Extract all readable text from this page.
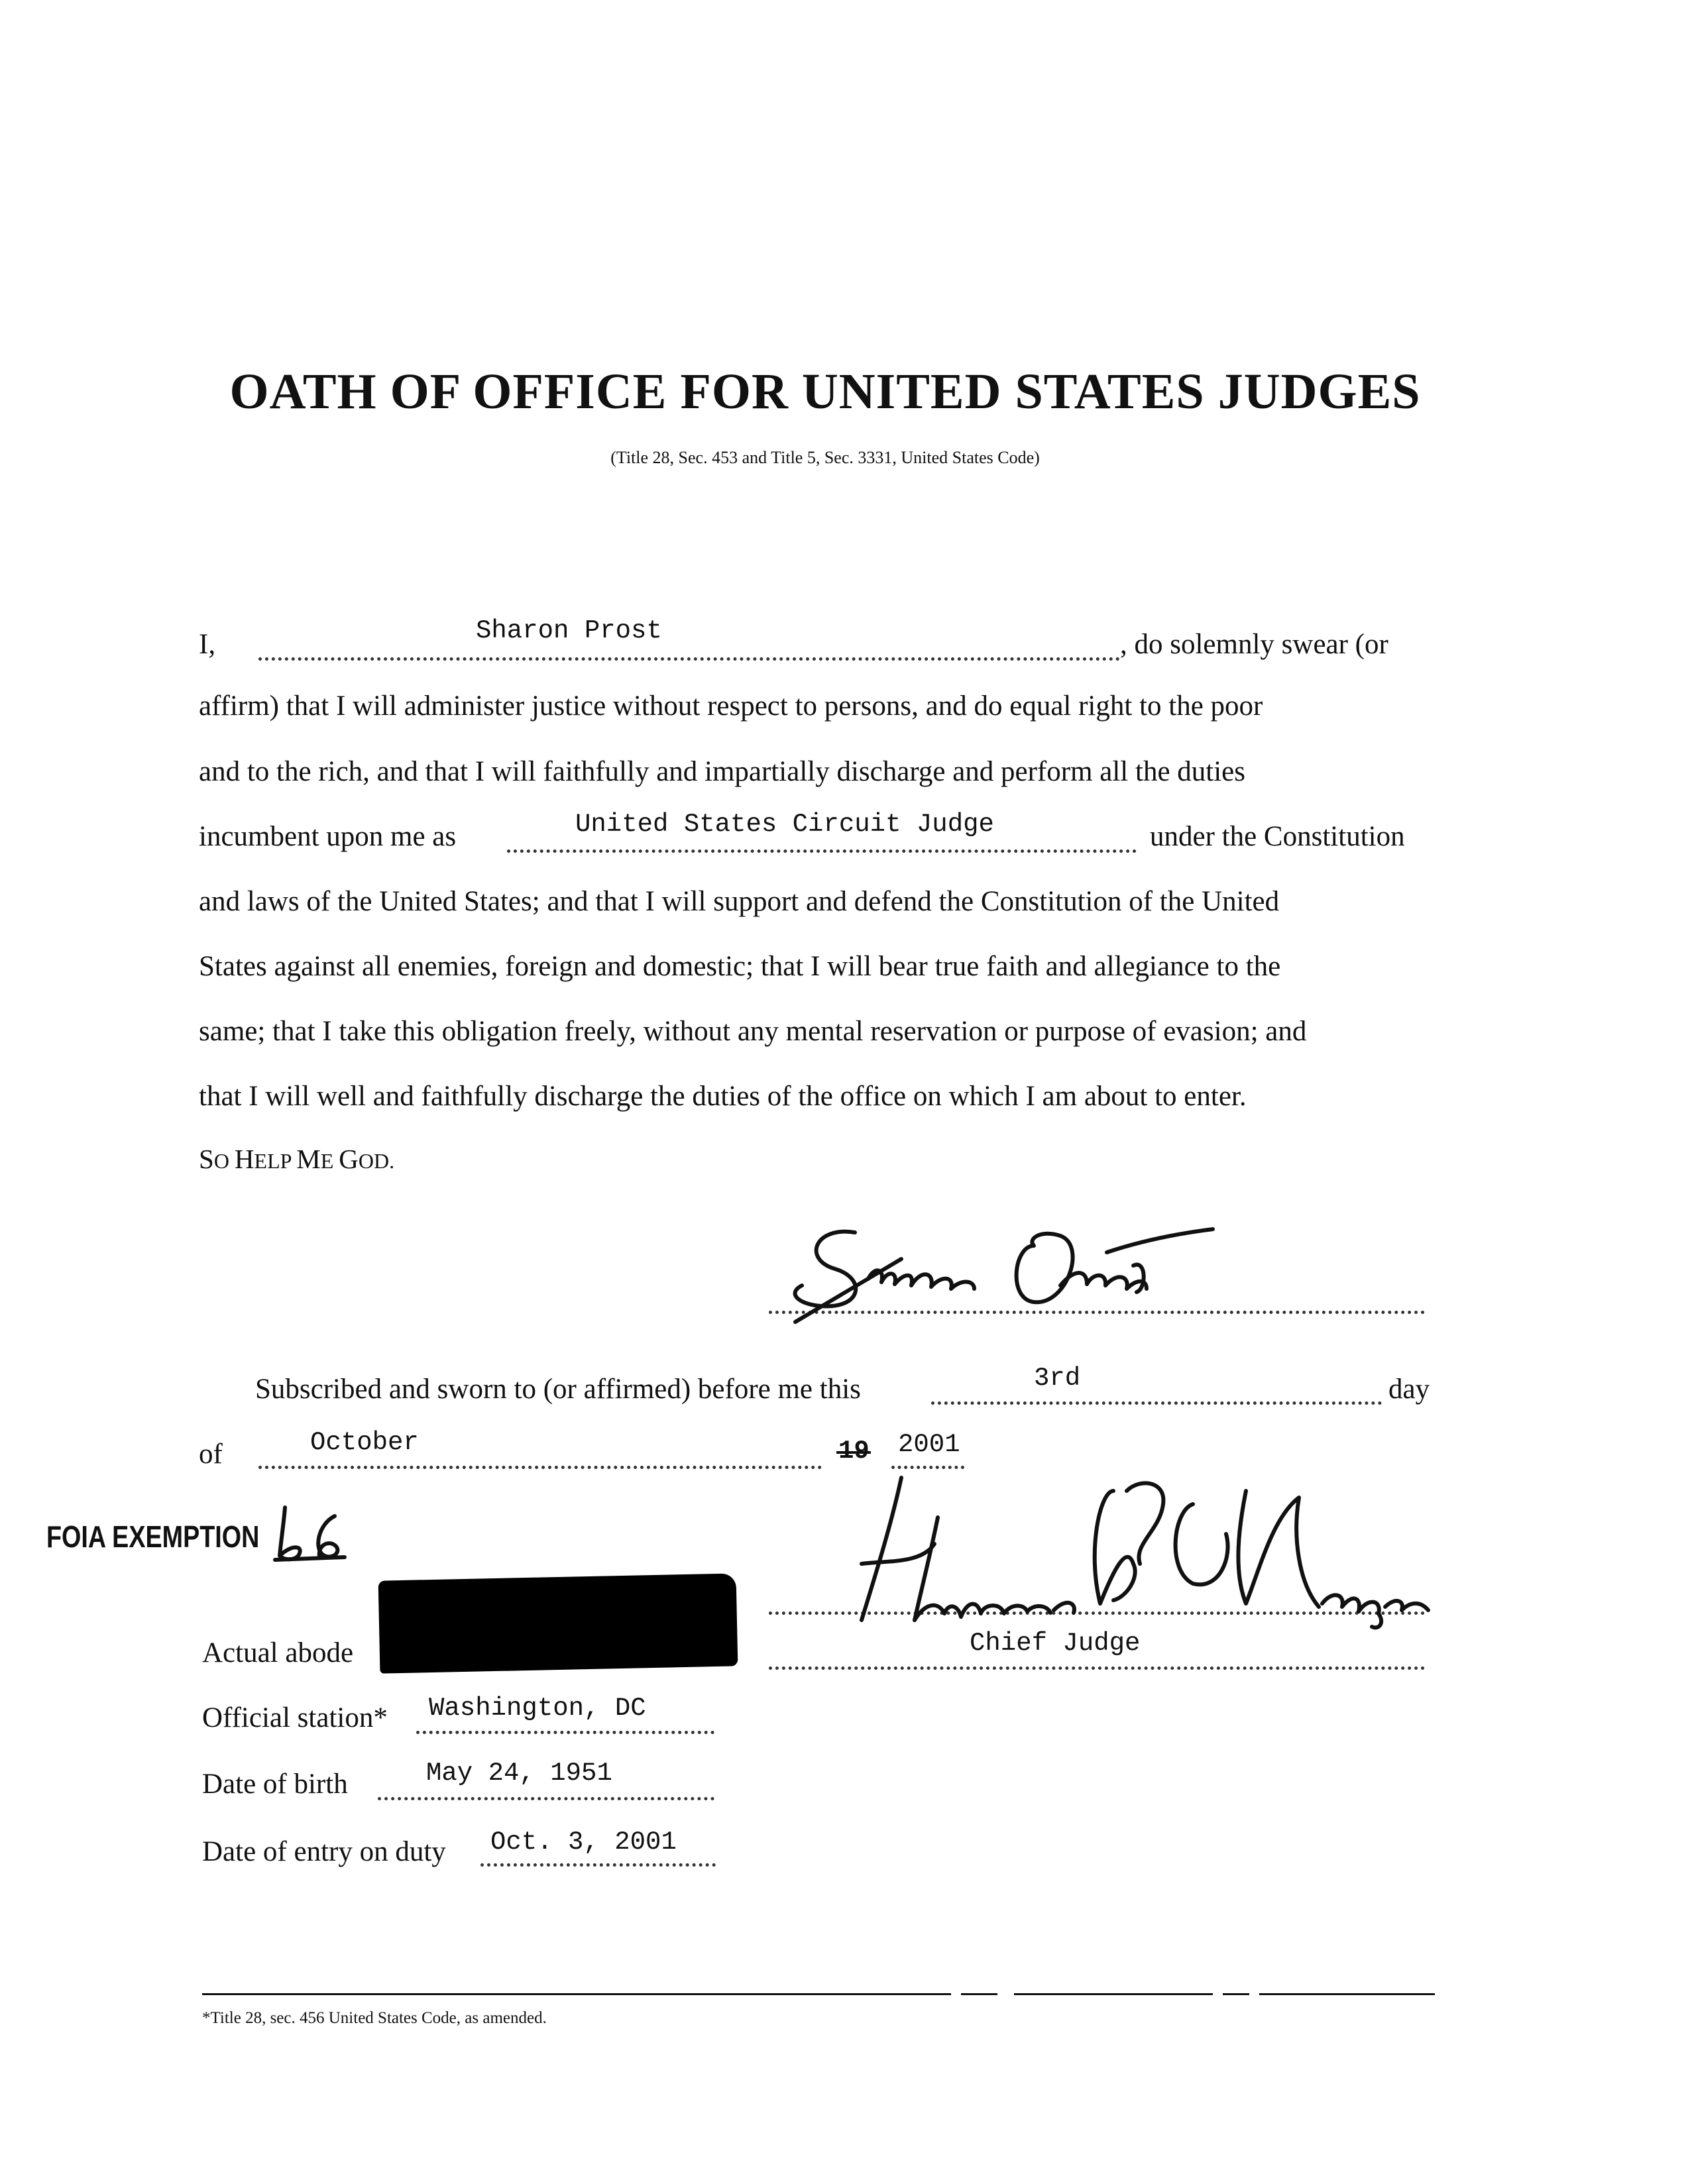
OATH OF OFFICE FOR UNITED STATES JUDGES
(Title 28, Sec. 453 and Title 5, Sec. 3331, United States Code)
I,	Sharon Prost	, do solemnly swear (or
affirm) that I will administer justice without respect to persons, and do equal right to the poor
and to the rich, and that I will faithfully and impartially discharge and perform all the duties
incumbent upon me as	United States Circuit Judge	under the Constitution
and laws of the United States; and that I will support and defend the Constitution of the United
States against all enemies, foreign and domestic; that I will bear true faith and allegiance to the
same; that I take this obligation freely, without any mental reservation or purpose of evasion; and
that I will well and faithfully discharge the duties of the office on which I am about to enter.
SO HELP ME GOD.
Subscribed and sworn to (or affirmed) before me this	3rd	day
of	October	19 2001
FOIA EXEMPTION
Chief Judge
Actual abode
Official station* Washington, DC
Date of birth	May 24, 1951
Date of entry on duty Oct. 3, 2001
*Title 28, sec. 456 United States Code, as amended.
